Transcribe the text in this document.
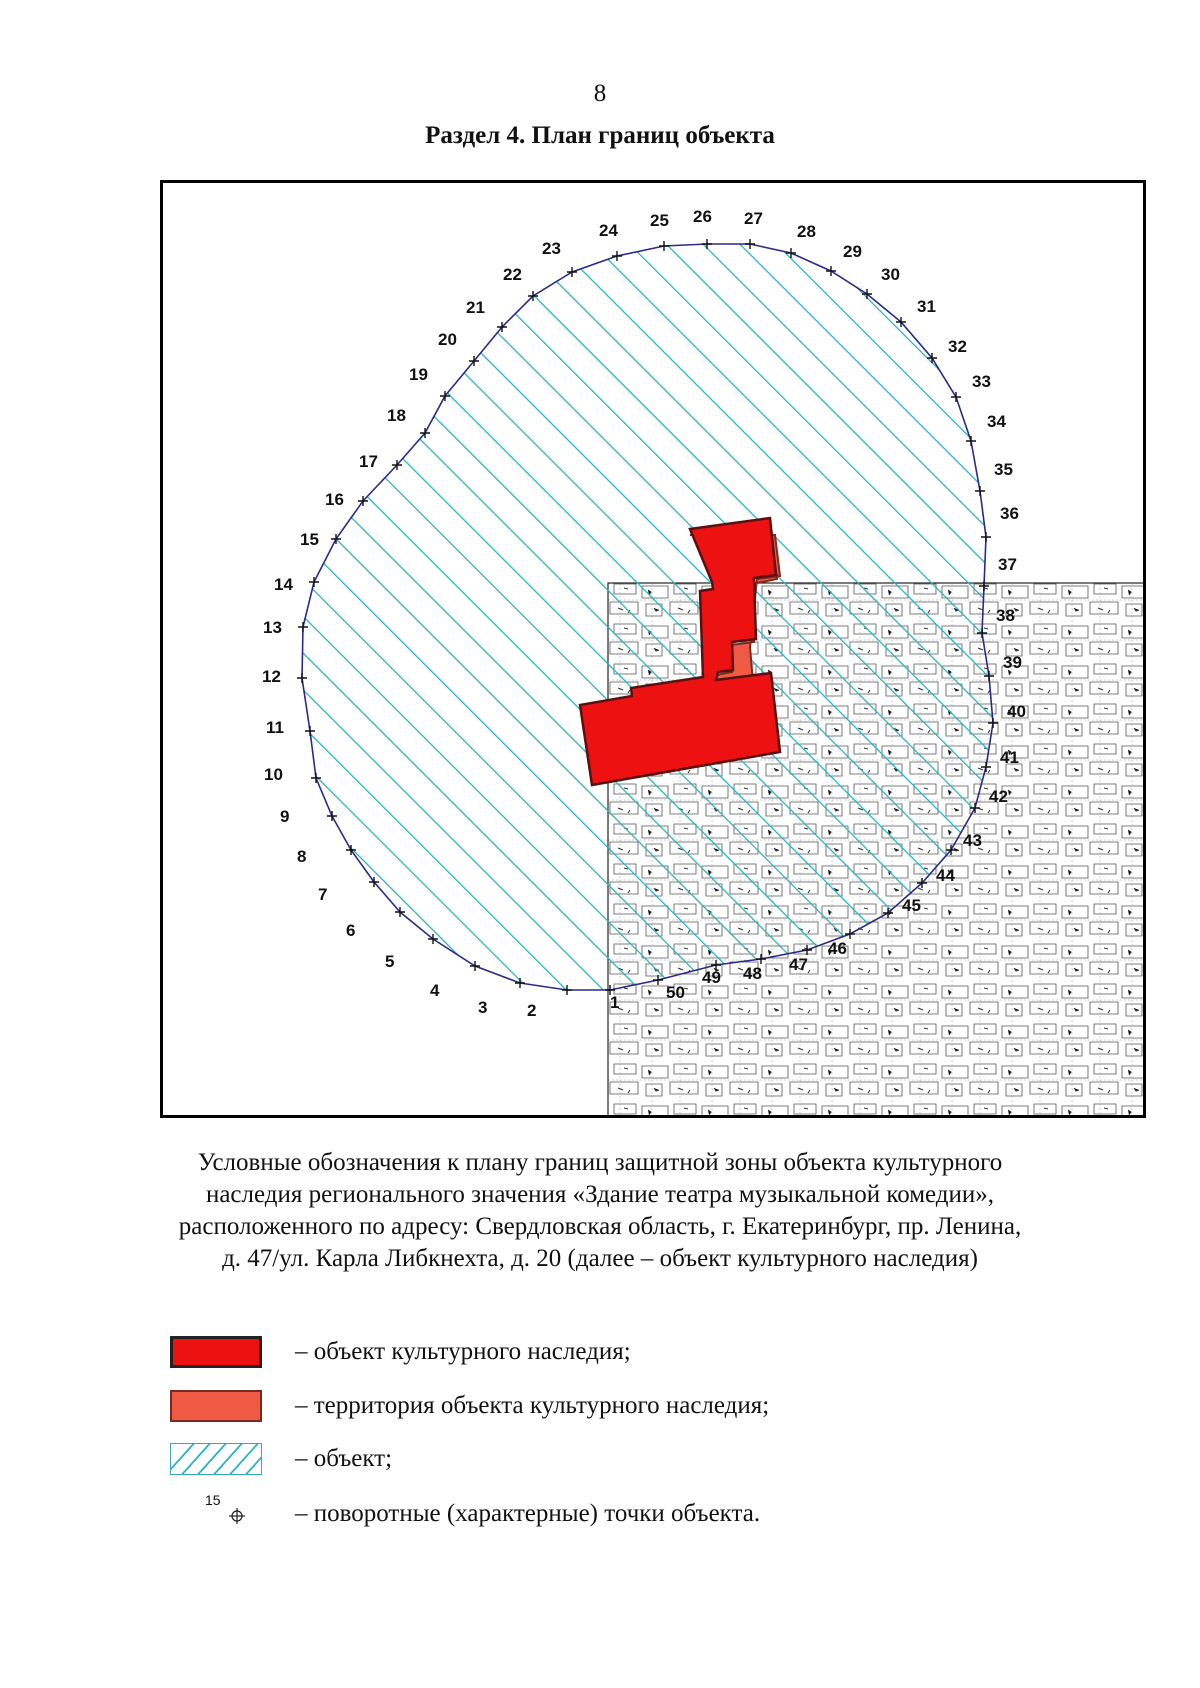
8
Раздел 4. План границ объекта
1
2
3
4
5
6
7
8
9
10
11
12
13
14
15
16
17
18
19
20
21
22
23
24
25 26 27
28
29
30
31
32
33
34
35
36
37
38
39
40
41
42
43
44
45
46
47
48
49
50
Условные обозначения к плану границ защитной зоны объекта культурного
наследия регионального значения «Здание театра музыкальной комедии»,
расположенного по адресу: Свердловская область, г. Екатеринбург, пр. Ленина,
д. 47/ул. Карла Либкнехта, д. 20 (далее – объект культурного наследия)
– объект культурного наследия;
– территория объекта культурного наследия;
– объект;
15	– поворотные (характерные) точки объекта.
